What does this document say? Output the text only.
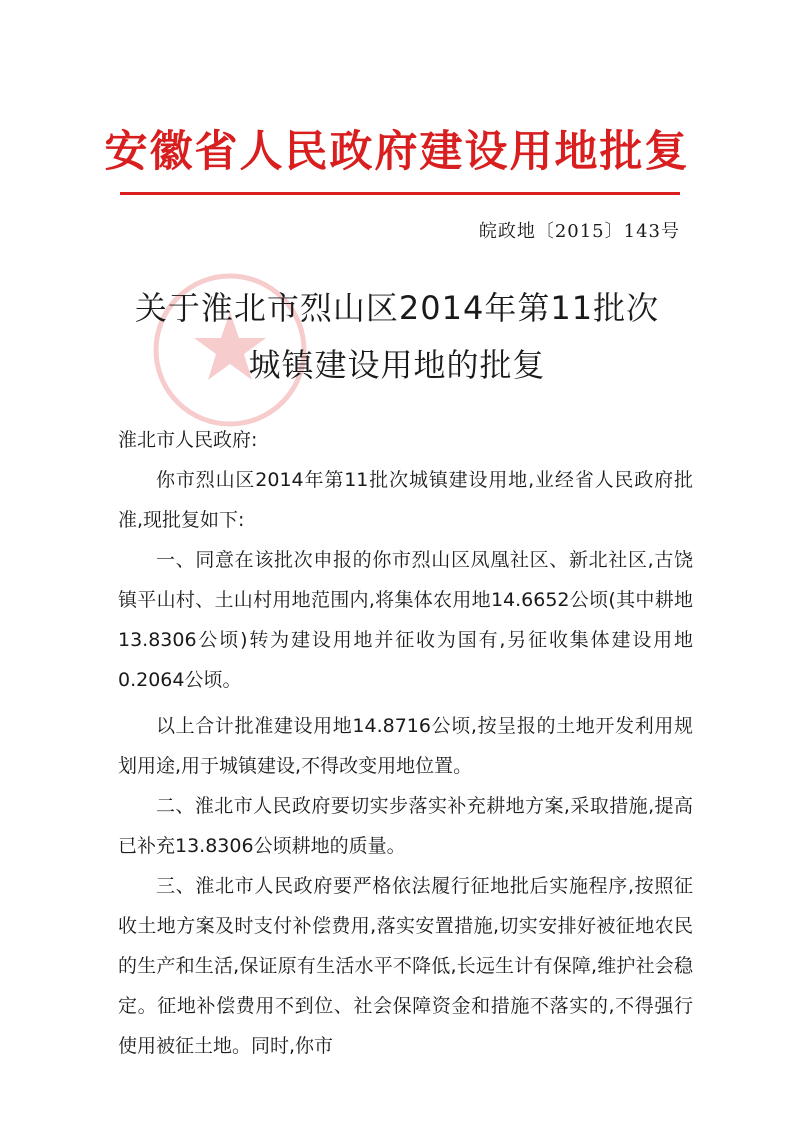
安徽省人民政府建设用地批复
皖政地〔2015〕143号
关于淮北市烈山区2014年第11批次
城镇建设用地的批复

淮北市人民政府:

你市烈山区2014年第11批次城镇建设用地,业经省人民政府批准,现批复如下:

一、同意在该批次申报的你市烈山区凤凰社区、新北社区,古饶镇平山村、土山村用地范围内,将集体农用地14.6652公顷(其中耕地13.8306公顷)转为建设用地并征收为国有,另征收集体建设用地0.2064公顷。

以上合计批准建设用地14.8716公顷,按呈报的土地开发利用规划用途,用于城镇建设,不得改变用地位置。

二、淮北市人民政府要切实步落实补充耕地方案,采取措施,提高已补充13.8306公顷耕地的质量。

三、淮北市人民政府要严格依法履行征地批后实施程序,按照征收土地方案及时支付补偿费用,落实安置措施,切实安排好被征地农民的生产和生活,保证原有生活水平不降低,长远生计有保障,维护社会稳定。征地补偿费用不到位、社会保障资金和措施不落实的,不得强行使用被征土地。同时,你市
